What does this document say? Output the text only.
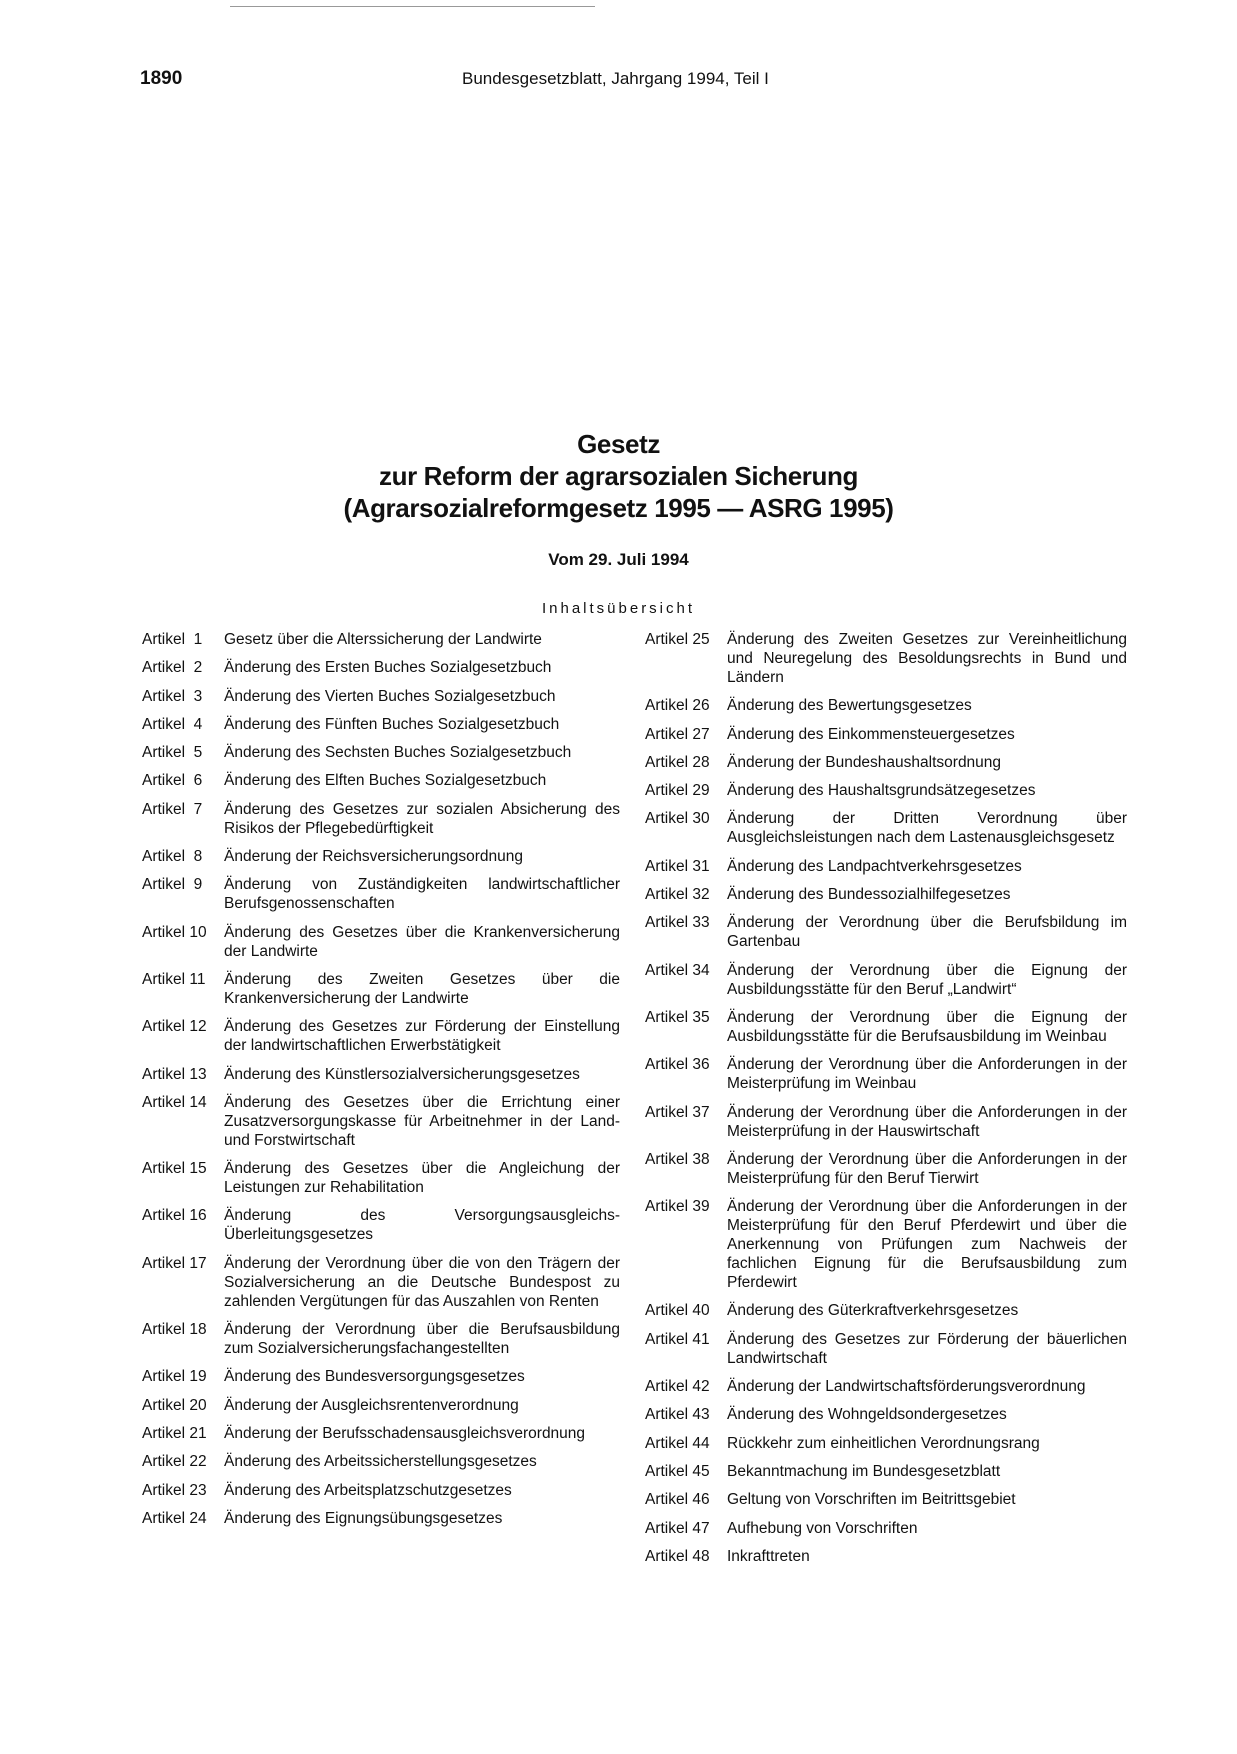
1890	Bundesgesetzblatt, Jahrgang 1994, Teil I
Gesetz
zur Reform der agrarsozialen Sicherung
(Agrarsozialreformgesetz 1995 — ASRG 1995)
Vom 29. Juli 1994
Inhaltsübersicht
Artikel  1	Gesetz über die Alterssicherung der Landwirte
Artikel  2	Änderung des Ersten Buches Sozialgesetzbuch
Artikel  3	Änderung des Vierten Buches Sozialgesetzbuch
Artikel  4	Änderung des Fünften Buches Sozialgesetzbuch
Artikel  5	Änderung des Sechsten Buches Sozialgesetzbuch
Artikel  6	Änderung des Elften Buches Sozialgesetzbuch
Artikel  7	Änderung des Gesetzes zur sozialen Absicherung des Risikos der Pflegebedürftigkeit
Artikel  8	Änderung der Reichsversicherungsordnung
Artikel  9	Änderung von Zuständigkeiten landwirtschaftlicher Berufsgenossenschaften
Artikel 10	Änderung des Gesetzes über die Krankenversicherung der Landwirte
Artikel 11	Änderung des Zweiten Gesetzes über die Krankenversicherung der Landwirte
Artikel 12	Änderung des Gesetzes zur Förderung der Einstellung der landwirtschaftlichen Erwerbstätigkeit
Artikel 13	Änderung des Künstlersozialversicherungsgesetzes
Artikel 14	Änderung des Gesetzes über die Errichtung einer Zusatzversorgungskasse für Arbeitnehmer in der Land- und Forstwirtschaft
Artikel 15	Änderung des Gesetzes über die Angleichung der Leistungen zur Rehabilitation
Artikel 16	Änderung des Versorgungsausgleichs-Überleitungsgesetzes
Artikel 17	Änderung der Verordnung über die von den Trägern der Sozialversicherung an die Deutsche Bundespost zu zahlenden Vergütungen für das Auszahlen von Renten
Artikel 18	Änderung der Verordnung über die Berufsausbildung zum Sozialversicherungsfachangestellten
Artikel 19	Änderung des Bundesversorgungsgesetzes
Artikel 20	Änderung der Ausgleichsrentenverordnung
Artikel 21	Änderung der Berufsschadensausgleichsverordnung
Artikel 22	Änderung des Arbeitssicherstellungsgesetzes
Artikel 23	Änderung des Arbeitsplatzschutzgesetzes
Artikel 24	Änderung des Eignungsübungsgesetzes
Artikel 25	Änderung des Zweiten Gesetzes zur Vereinheitlichung und Neuregelung des Besoldungsrechts in Bund und Ländern
Artikel 26	Änderung des Bewertungsgesetzes
Artikel 27	Änderung des Einkommensteuergesetzes
Artikel 28	Änderung der Bundeshaushaltsordnung
Artikel 29	Änderung des Haushaltsgrundsätzegesetzes
Artikel 30	Änderung der Dritten Verordnung über Ausgleichsleistungen nach dem Lastenausgleichsgesetz
Artikel 31	Änderung des Landpachtverkehrsgesetzes
Artikel 32	Änderung des Bundessozialhilfegesetzes
Artikel 33	Änderung der Verordnung über die Berufsbildung im Gartenbau
Artikel 34	Änderung der Verordnung über die Eignung der Ausbildungsstätte für den Beruf „Landwirt“
Artikel 35	Änderung der Verordnung über die Eignung der Ausbildungsstätte für die Berufsausbildung im Weinbau
Artikel 36	Änderung der Verordnung über die Anforderungen in der Meisterprüfung im Weinbau
Artikel 37	Änderung der Verordnung über die Anforderungen in der Meisterprüfung in der Hauswirtschaft
Artikel 38	Änderung der Verordnung über die Anforderungen in der Meisterprüfung für den Beruf Tierwirt
Artikel 39	Änderung der Verordnung über die Anforderungen in der Meisterprüfung für den Beruf Pferdewirt und über die Anerkennung von Prüfungen zum Nachweis der fachlichen Eignung für die Berufsausbildung zum Pferdewirt
Artikel 40	Änderung des Güterkraftverkehrsgesetzes
Artikel 41	Änderung des Gesetzes zur Förderung der bäuerlichen Landwirtschaft
Artikel 42	Änderung der Landwirtschaftsförderungsverordnung
Artikel 43	Änderung des Wohngeldsondergesetzes
Artikel 44	Rückkehr zum einheitlichen Verordnungsrang
Artikel 45	Bekanntmachung im Bundesgesetzblatt
Artikel 46	Geltung von Vorschriften im Beitrittsgebiet
Artikel 47	Aufhebung von Vorschriften
Artikel 48	Inkrafttreten
